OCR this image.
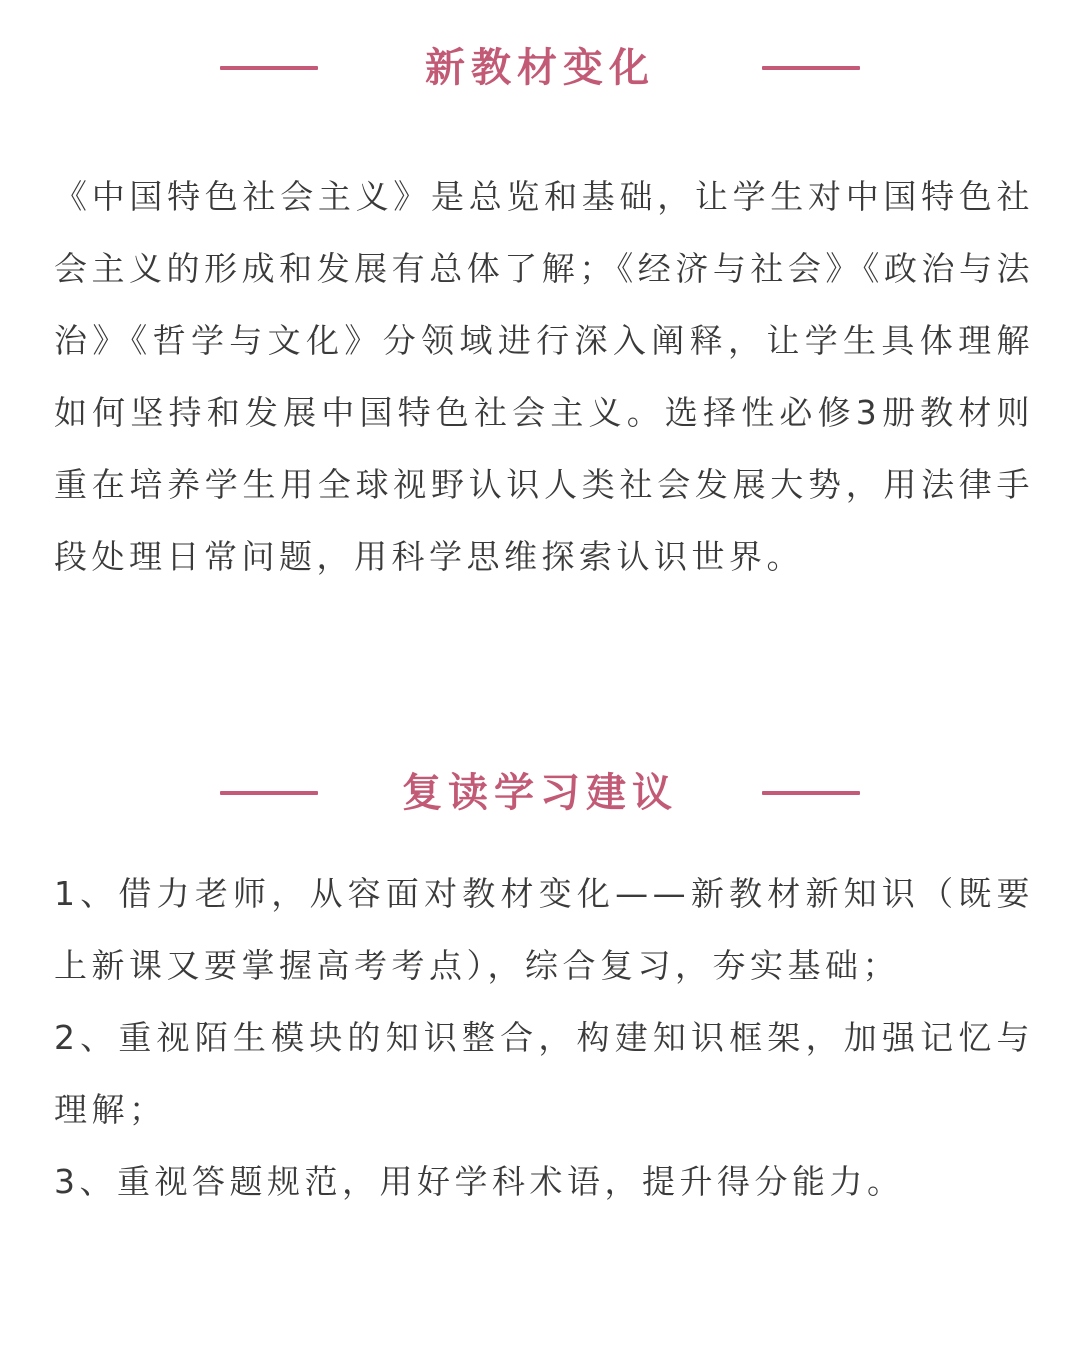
新教材变化

《中国特色社会主义》是总览和基础，让学生对中国特色社会主义的形成和发展有总体了解；《经济与社会》《政治与法治》《哲学与文化》分领域进行深入阐释，让学生具体理解如何坚持和发展中国特色社会主义。选择性必修3册教材则重在培养学生用全球视野认识人类社会发展大势，用法律手段处理日常问题，用科学思维探索认识世界。

复读学习建议

1、借力老师，从容面对教材变化——新教材新知识（既要上新课又要掌握高考考点），综合复习，夯实基础；

2、重视陌生模块的知识整合，构建知识框架，加强记忆与理解；

3、重视答题规范，用好学科术语，提升得分能力。
